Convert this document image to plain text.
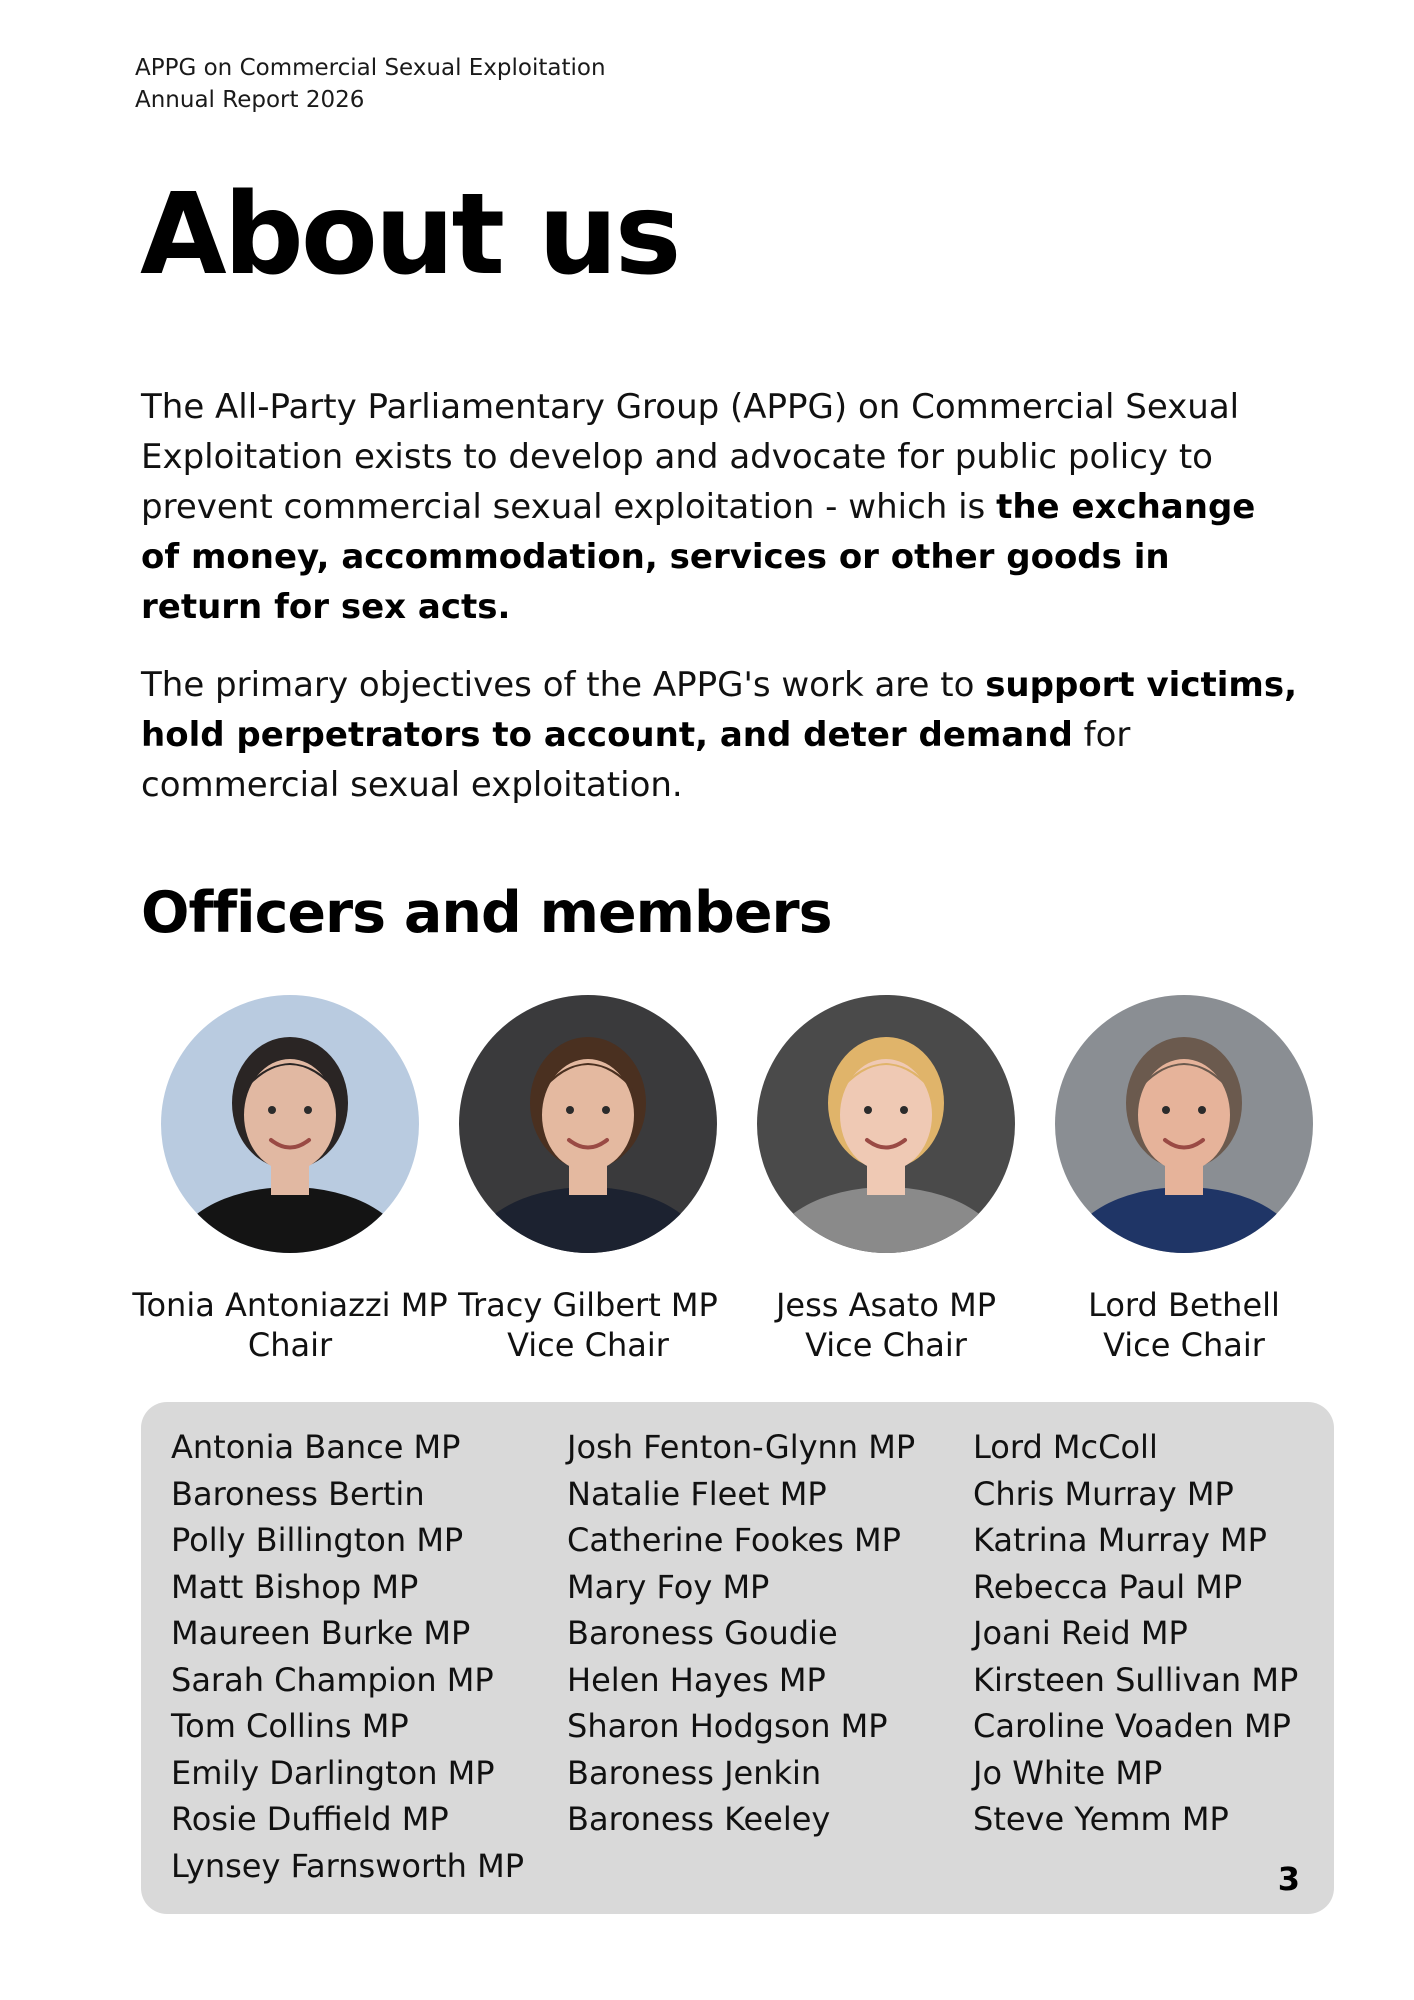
APPG on Commercial Sexual Exploitation
Annual Report 2026
About us

The All-Party Parliamentary Group (APPG) on Commercial Sexual Exploitation exists to develop and advocate for public policy to prevent commercial sexual exploitation - which is the exchange of money, accommodation, services or other goods in return for sex acts.

The primary objectives of the APPG's work are to support victims, hold perpetrators to account, and deter demand for commercial sexual exploitation.

Officers and members
Tonia Antoniazzi MP
Chair
Tracy Gilbert MP
Vice Chair
Jess Asato MP
Vice Chair
Lord Bethell
Vice Chair
Antonia Bance MP
Baroness Bertin
Polly Billington MP
Matt Bishop MP
Maureen Burke MP
Sarah Champion MP
Tom Collins MP
Emily Darlington MP
Rosie Duffield MP
Lynsey Farnsworth MP
Josh Fenton-Glynn MP
Natalie Fleet MP
Catherine Fookes MP
Mary Foy MP
Baroness Goudie
Helen Hayes MP
Sharon Hodgson MP
Baroness Jenkin
Baroness Keeley
Lord McColl
Chris Murray MP
Katrina Murray MP
Rebecca Paul MP
Joani Reid MP
Kirsteen Sullivan MP
Caroline Voaden MP
Jo White MP
Steve Yemm MP
3
